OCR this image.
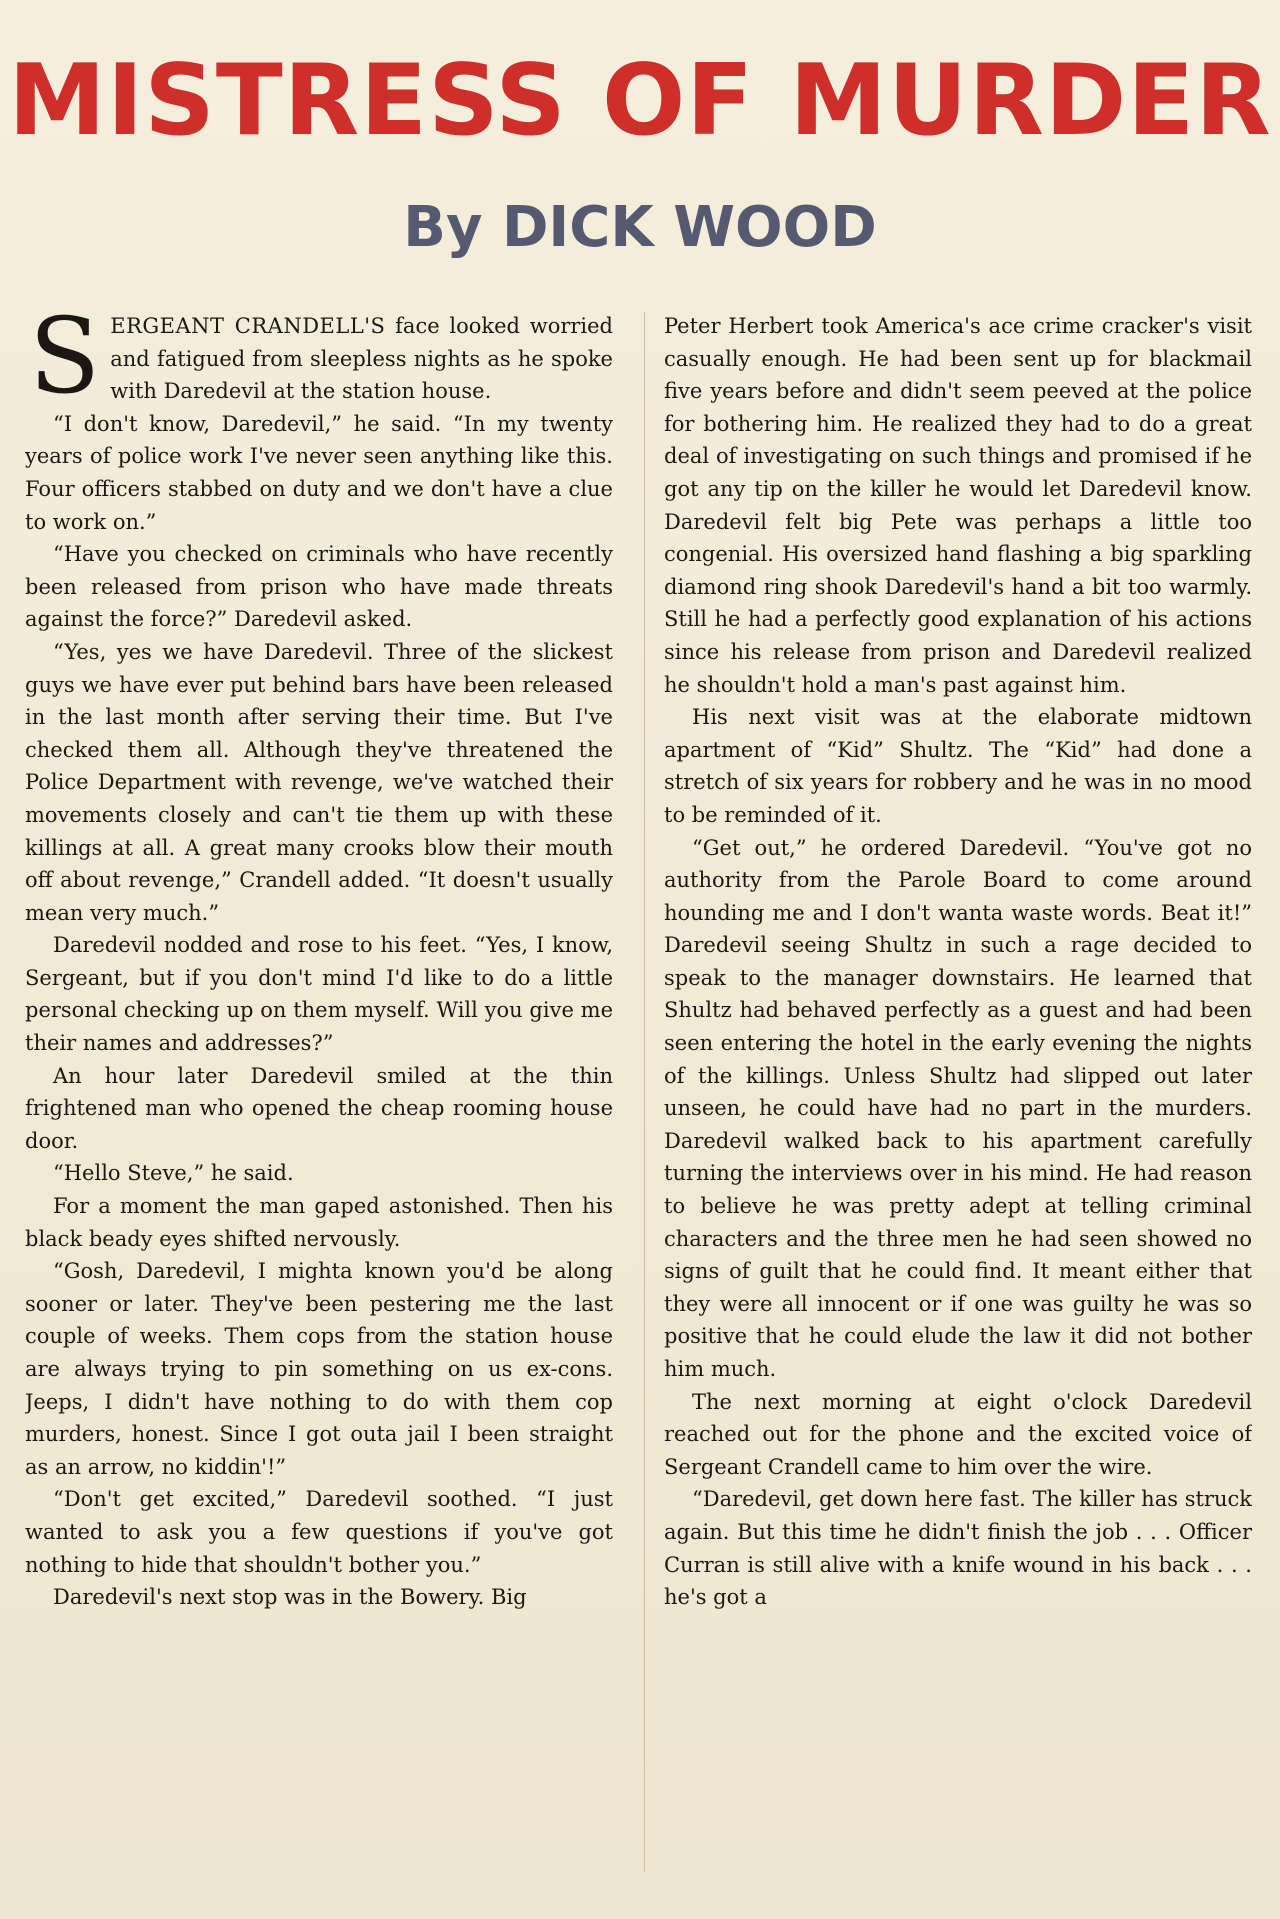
MISTRESS OF MURDER
By DICK WOOD

SERGEANT CRANDELL'S face looked worried and fatigued from sleepless nights as he spoke with Daredevil at the station house.

“I don't know, Daredevil,” he said. “In my twenty years of police work I've never seen anything like this. Four officers stabbed on duty and we don't have a clue to work on.”

“Have you checked on criminals who have recently been released from prison who have made threats against the force?” Daredevil asked.

“Yes, yes we have Daredevil. Three of the slickest guys we have ever put behind bars have been released in the last month after serving their time. But I've checked them all. Although they've threatened the Police Department with revenge, we've watched their movements closely and can't tie them up with these killings at all. A great many crooks blow their mouth off about revenge,” Crandell added. “It doesn't usually mean very much.”

Daredevil nodded and rose to his feet. “Yes, I know, Sergeant, but if you don't mind I'd like to do a little personal checking up on them myself. Will you give me their names and addresses?”

An hour later Daredevil smiled at the thin frightened man who opened the cheap rooming house door.

“Hello Steve,” he said.

For a moment the man gaped astonished. Then his black beady eyes shifted nervously.

“Gosh, Daredevil, I mighta known you'd be along sooner or later. They've been pestering me the last couple of weeks. Them cops from the station house are always trying to pin something on us ex-cons. Jeeps, I didn't have nothing to do with them cop murders, honest. Since I got outa jail I been straight as an arrow, no kiddin'!”

“Don't get excited,” Daredevil soothed. “I just wanted to ask you a few questions if you've got nothing to hide that shouldn't bother you.”

Daredevil's next stop was in the Bowery. Big

Peter Herbert took America's ace crime cracker's visit casually enough. He had been sent up for blackmail five years before and didn't seem peeved at the police for bothering him. He realized they had to do a great deal of investigating on such things and promised if he got any tip on the killer he would let Daredevil know. Daredevil felt big Pete was perhaps a little too congenial. His oversized hand flashing a big sparkling diamond ring shook Daredevil's hand a bit too warmly. Still he had a perfectly good explanation of his actions since his release from prison and Daredevil realized he shouldn't hold a man's past against him.

His next visit was at the elaborate midtown apartment of “Kid” Shultz. The “Kid” had done a stretch of six years for robbery and he was in no mood to be reminded of it.

“Get out,” he ordered Daredevil. “You've got no authority from the Parole Board to come around hounding me and I don't wanta waste words. Beat it!” Daredevil seeing Shultz in such a rage decided to speak to the manager downstairs. He learned that Shultz had behaved perfectly as a guest and had been seen entering the hotel in the early evening the nights of the killings. Unless Shultz had slipped out later unseen, he could have had no part in the murders. Daredevil walked back to his apartment carefully turning the interviews over in his mind. He had reason to believe he was pretty adept at telling criminal characters and the three men he had seen showed no signs of guilt that he could find. It meant either that they were all innocent or if one was guilty he was so positive that he could elude the law it did not bother him much.

The next morning at eight o'clock Daredevil reached out for the phone and the excited voice of Sergeant Crandell came to him over the wire.

“Daredevil, get down here fast. The killer has struck again. But this time he didn't finish the job . . . Officer Curran is still alive with a knife wound in his back . . . he's got a
